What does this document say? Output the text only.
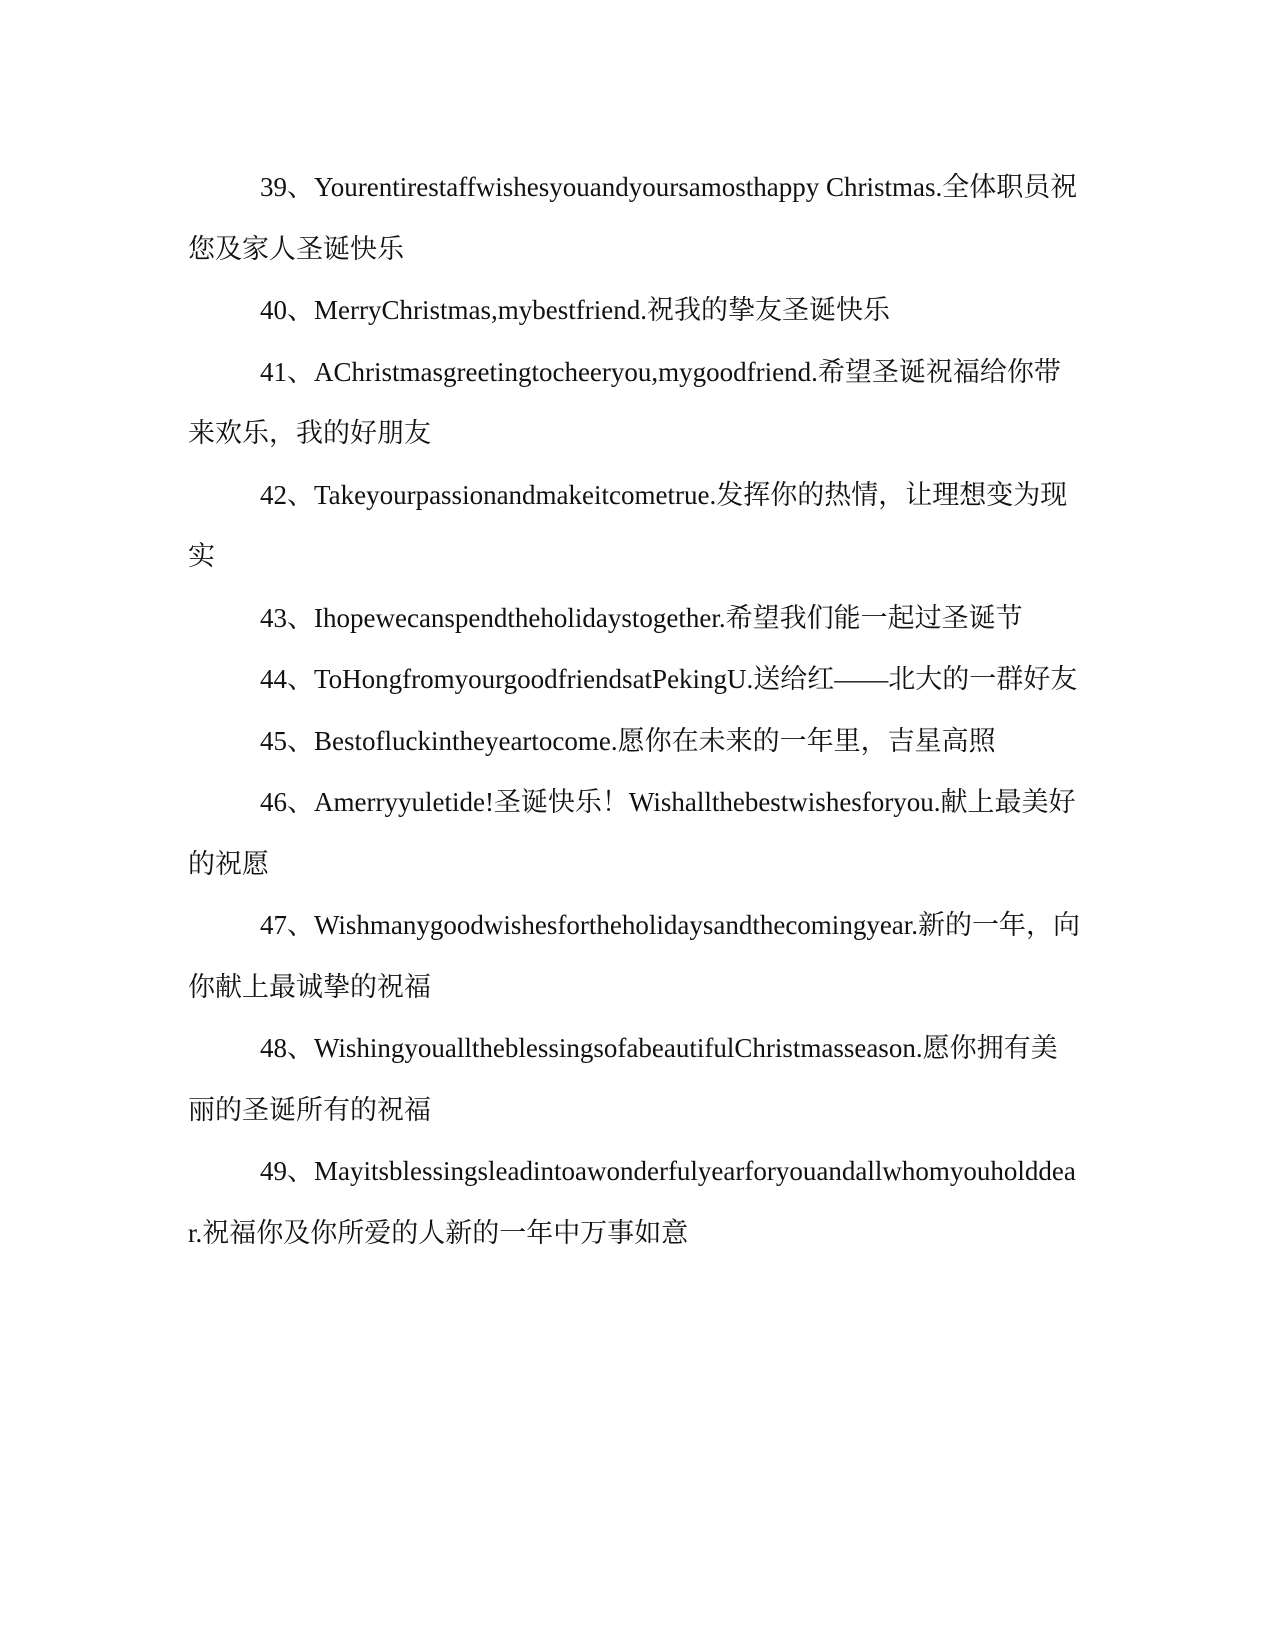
39、Yourentirestaffwishesyouandyoursamosthappy Christmas.全体职员祝您及家人圣诞快乐

40、MerryChristmas,mybestfriend.祝我的挚友圣诞快乐

41、AChristmasgreetingtocheeryou,mygoodfriend.希望圣诞祝福给你带来欢乐，我的好朋友

42、Takeyourpassionandmakeitcometrue.发挥你的热情，让理想变为现实

43、Ihopewecanspendtheholidaystogether.希望我们能一起过圣诞节

44、ToHongfromyourgoodfriendsatPekingU.送给红——北大的一群好友

45、Bestofluckintheyeartocome.愿你在未来的一年里，吉星高照

46、Amerryyuletide!圣诞快乐！Wishallthebestwishesforyou.献上最美好的祝愿

47、Wishmanygoodwishesfortheholidaysandthecomingyear.新的一年，向你献上最诚挚的祝福

48、WishingyoualltheblessingsofabeautifulChristmasseason.愿你拥有美丽的圣诞所有的祝福

49、Mayitsblessingsleadintoawonderfulyearforyouandallwhomyouholddear.祝福你及你所爱的人新的一年中万事如意
